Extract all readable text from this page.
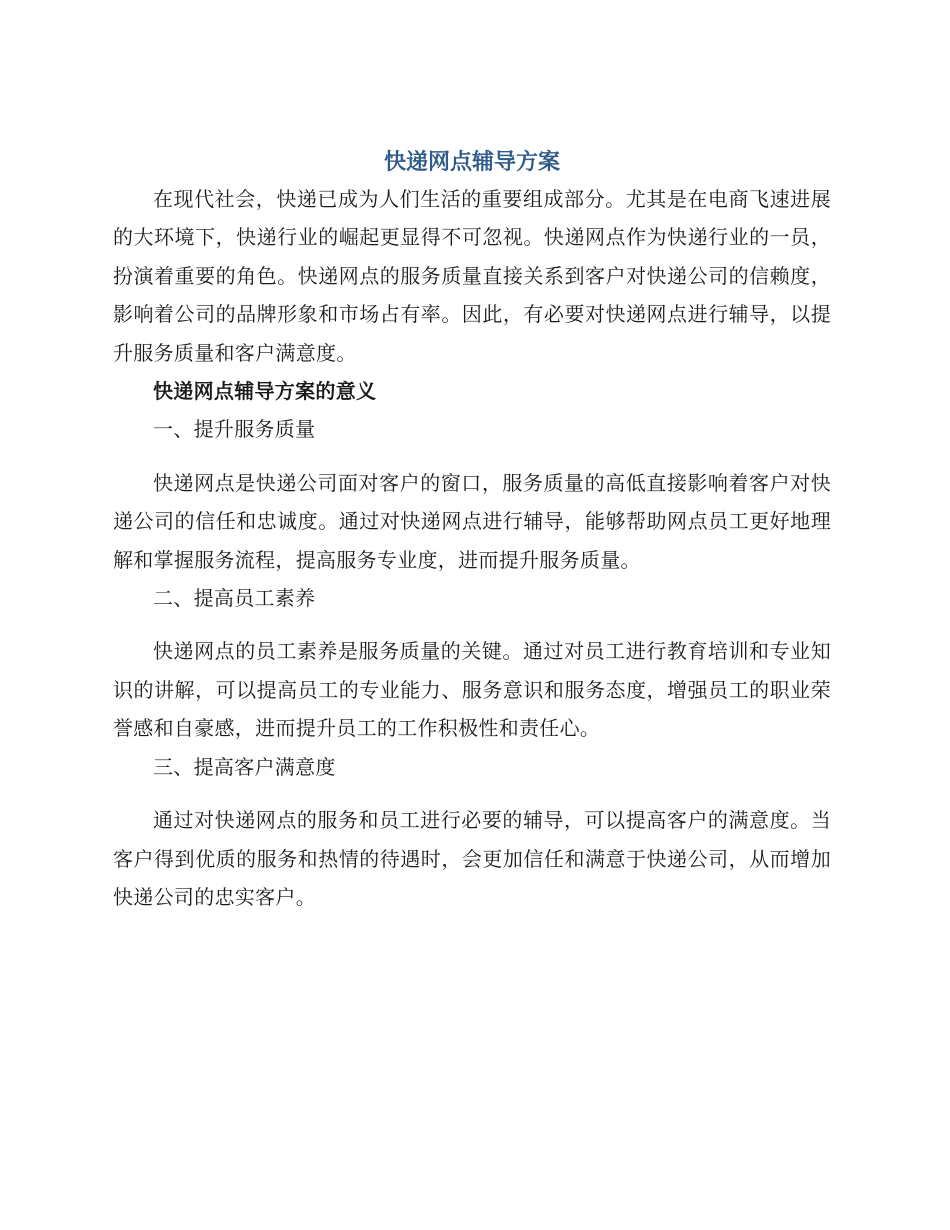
快递网点辅导方案

在现代社会，快递已成为人们生活的重要组成部分。尤其是在电商飞速进展的大环境下，快递行业的崛起更显得不可忽视。快递网点作为快递行业的一员，扮演着重要的角色。快递网点的服务质量直接关系到客户对快递公司的信赖度，影响着公司的品牌形象和市场占有率。因此，有必要对快递网点进行辅导，以提升服务质量和客户满意度。

快递网点辅导方案的意义

一、提升服务质量

快递网点是快递公司面对客户的窗口，服务质量的高低直接影响着客户对快递公司的信任和忠诚度。通过对快递网点进行辅导，能够帮助网点员工更好地理解和掌握服务流程，提高服务专业度，进而提升服务质量。

二、提高员工素养

快递网点的员工素养是服务质量的关键。通过对员工进行教育培训和专业知识的讲解，可以提高员工的专业能力、服务意识和服务态度，增强员工的职业荣誉感和自豪感，进而提升员工的工作积极性和责任心。

三、提高客户满意度

通过对快递网点的服务和员工进行必要的辅导，可以提高客户的满意度。当客户得到优质的服务和热情的待遇时，会更加信任和满意于快递公司，从而增加快递公司的忠实客户。
